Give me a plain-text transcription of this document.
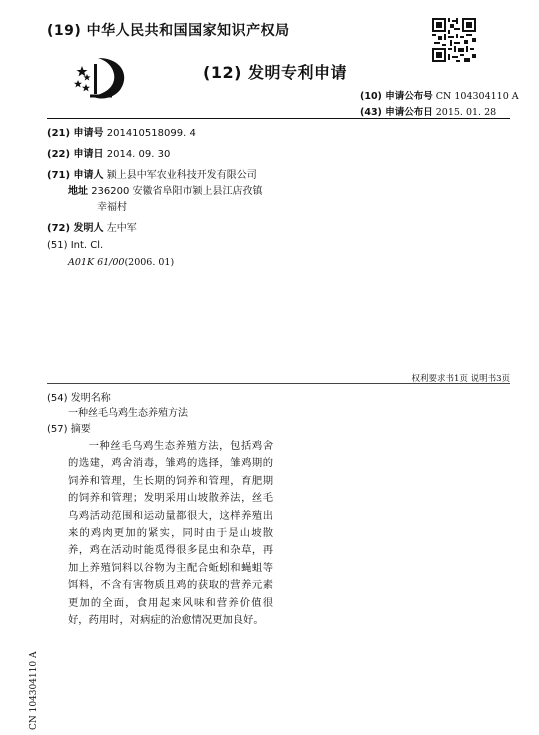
(19) 中华人民共和国国家知识产权局
(12) 发明专利申请
(10) 申请公布号 CN 104304110 A
(43) 申请公布日 2015. 01. 28
(21) 申请号 201410518099. 4
(22) 申请日 2014. 09. 30
(71) 申请人 颍上县中军农业科技开发有限公司
地址 236200 安徽省阜阳市颍上县江店孜镇
幸福村
(72) 发明人 左中军
(51) Int. Cl.
A01K 61/00(2006. 01)
权利要求书1页 说明书3页
(54) 发明名称
一种丝毛乌鸡生态养殖方法
(57) 摘要
一种丝毛乌鸡生态养殖方法，包括鸡舍的选建，鸡舍消毒，雏鸡的选择，雏鸡期的饲养和管理，生长期的饲养和管理，育肥期的饲养和管理；发明采用山坡散养法，丝毛乌鸡活动范围和运动量都很大，这样养殖出来的鸡肉更加的紧实，同时由于是山坡散养，鸡在活动时能觅得很多昆虫和杂草，再加上养殖饲料以谷物为主配合蚯蚓和蝇蛆等饵料，不含有害物质且鸡的获取的营养元素更加的全面，食用起来风味和营养价值很好，药用时，对病症的治愈情况更加良好。
CN 104304110 A
